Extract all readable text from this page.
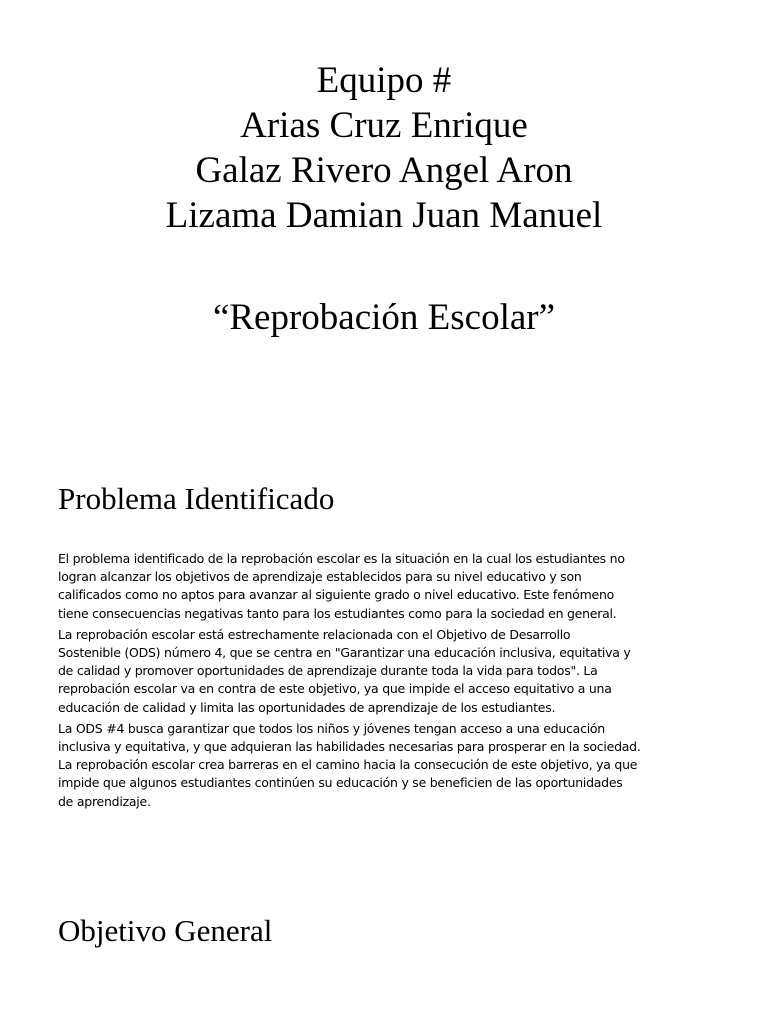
Equipo #
Arias Cruz Enrique
Galaz Rivero Angel Aron
Lizama Damian Juan Manuel
“Reprobación Escolar”
Problema Identificado

El problema identificado de la reprobación escolar es la situación en la cual los estudiantes no
logran alcanzar los objetivos de aprendizaje establecidos para su nivel educativo y son
calificados como no aptos para avanzar al siguiente grado o nivel educativo. Este fenómeno
tiene consecuencias negativas tanto para los estudiantes como para la sociedad en general.

La reprobación escolar está estrechamente relacionada con el Objetivo de Desarrollo
Sostenible (ODS) número 4, que se centra en "Garantizar una educación inclusiva, equitativa y
de calidad y promover oportunidades de aprendizaje durante toda la vida para todos". La
reprobación escolar va en contra de este objetivo, ya que impide el acceso equitativo a una
educación de calidad y limita las oportunidades de aprendizaje de los estudiantes.

La ODS #4 busca garantizar que todos los niños y jóvenes tengan acceso a una educación
inclusiva y equitativa, y que adquieran las habilidades necesarias para prosperar en la sociedad.
La reprobación escolar crea barreras en el camino hacia la consecución de este objetivo, ya que
impide que algunos estudiantes continúen su educación y se beneficien de las oportunidades
de aprendizaje.

Objetivo General
